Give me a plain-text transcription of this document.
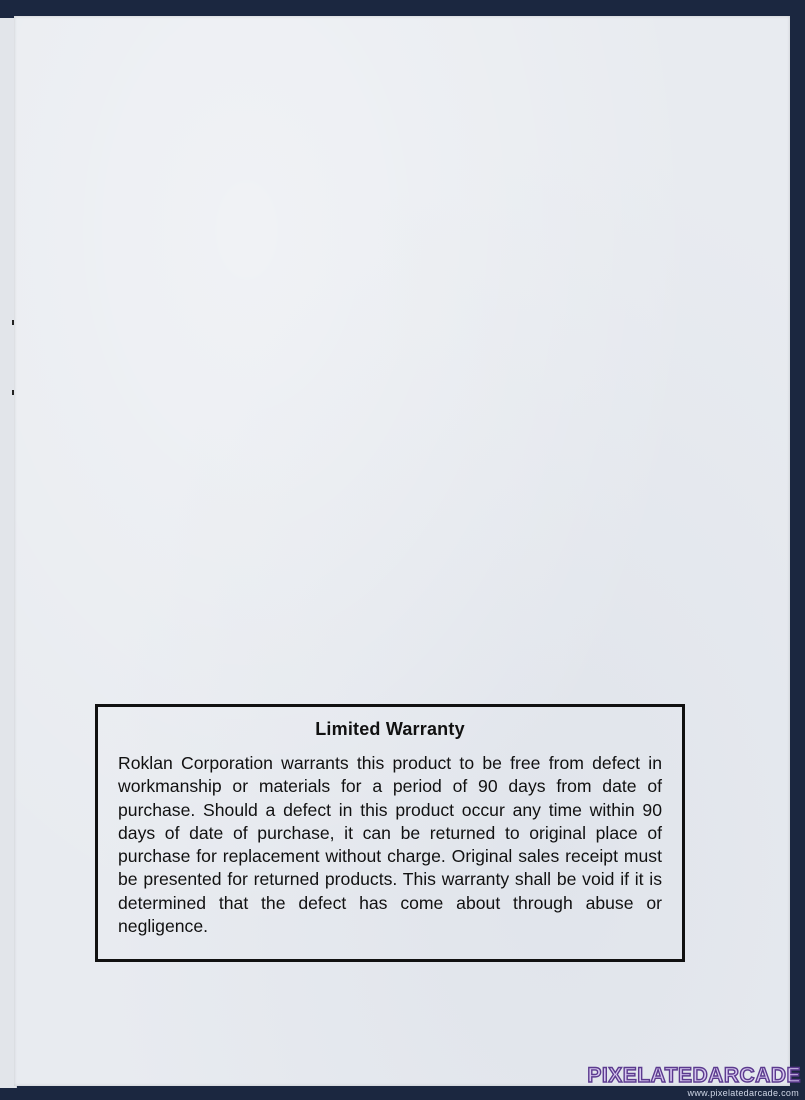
Limited Warranty

Roklan Corporation warrants this product to be free from defect in workmanship or materials for a period of 90 days from date of purchase. Should a defect in this product occur any time within 90 days of date of purchase, it can be returned to original place of purchase for replacement without charge. Original sales receipt must be presented for returned products. This warranty shall be void if it is determined that the defect has come about through abuse or negligence.

PIXELATEDARCADE
www.pixelatedarcade.com
